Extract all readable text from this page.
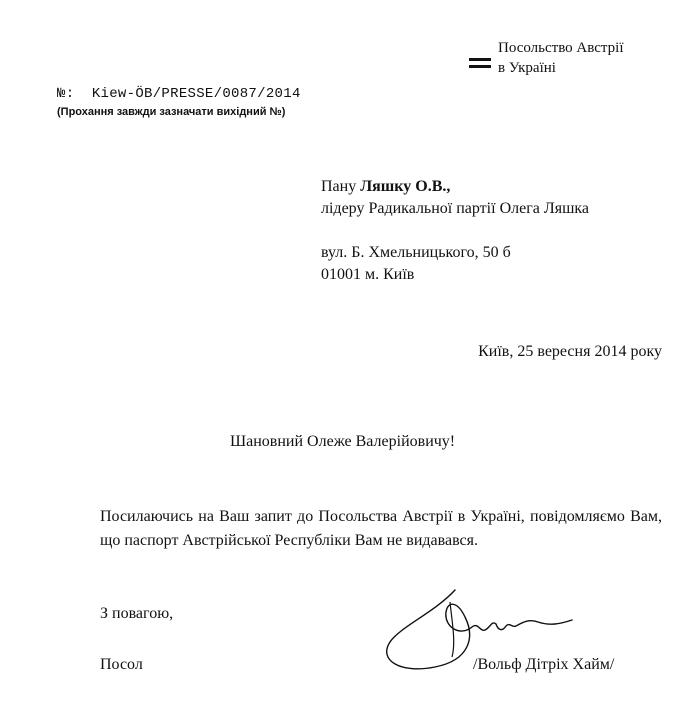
Посольство Австрії
в Україні
№: Kiew-ÖB/PRESSE/0087/2014
(Прохання завжди зазначати вихідний №)
Пану Ляшку О.В.,
лідеру Радикальної партії Олега Ляшка
вул. Б. Хмельницького, 50 б
01001 м. Київ
Київ, 25 вересня 2014 року
Шановний Олеже Валерійовичу!
Посилаючись на Ваш запит до Посольства Австрії в Україні, повідомляємо Вам, що паспорт Австрійської Республіки Вам не видавався.
З повагою,
Посол	/Вольф Дітріх Хайм/
